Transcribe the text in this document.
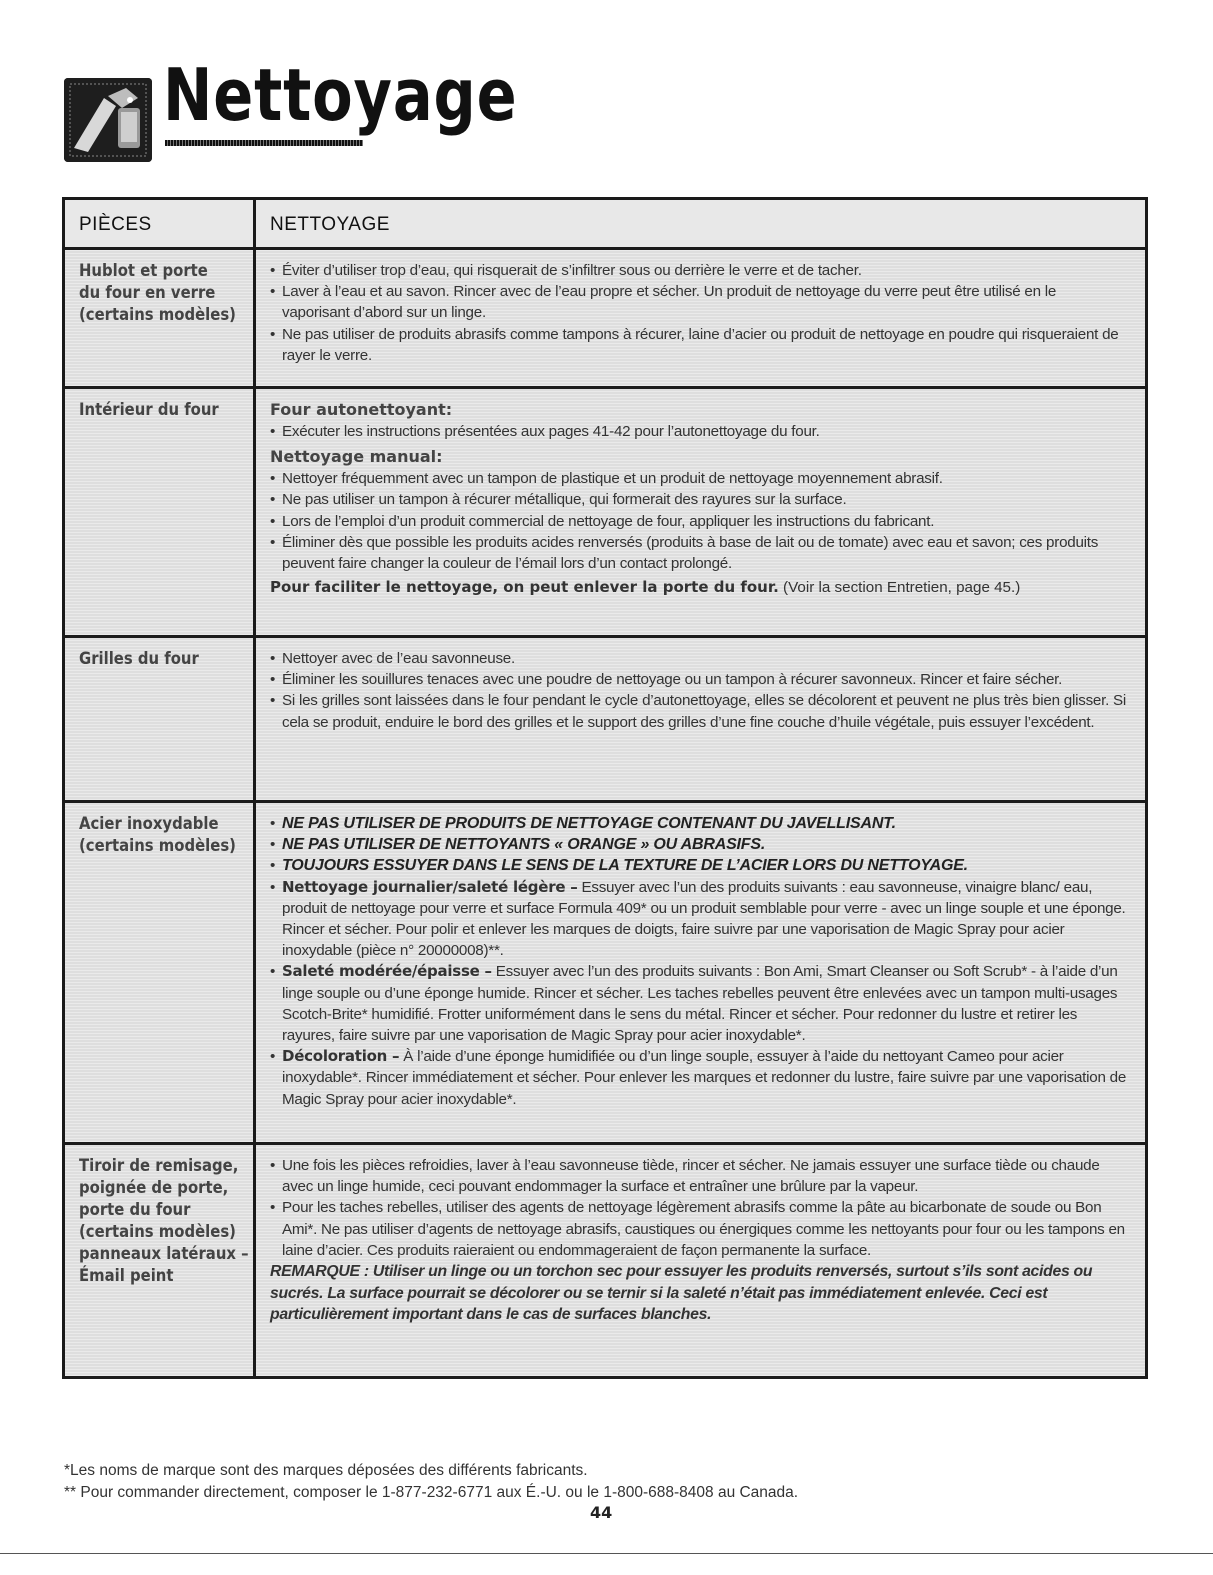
Nettoyage
PIÈCES	NETTOYAGE
Hublot et porte
du four en verre
(certains modèles)
• Éviter d’utiliser trop d’eau, qui risquerait de s’infiltrer sous ou derrière le verre et de tacher.
• Laver à l’eau et au savon. Rincer avec de l’eau propre et sécher. Un produit de nettoyage du verre peut être utilisé en le vaporisant d’abord sur un linge.
• Ne pas utiliser de produits abrasifs comme tampons à récurer, laine d’acier ou produit de nettoyage en poudre qui risqueraient de rayer le verre.
Intérieur du four	Four autonettoyant:

• Exécuter les instructions présentées aux pages 41-42 pour l’autonettoyage du four.

Nettoyage manual:

• Nettoyer fréquemment avec un tampon de plastique et un produit de nettoyage moyennement abrasif.
• Ne pas utiliser un tampon à récurer métallique, qui formerait des rayures sur la surface.
• Lors de l’emploi d’un produit commercial de nettoyage de four, appliquer les instructions du fabricant.
• Éliminer dès que possible les produits acides renversés (produits à base de lait ou de tomate) avec eau et savon; ces produits peuvent faire changer la couleur de l’émail lors d’un contact prolongé.

Pour faciliter le nettoyage, on peut enlever la porte du four. (Voir la section Entretien, page 45.)

Grilles du four
•	Nettoyer avec de l’eau savonneuse.
• Éliminer les souillures tenaces avec une poudre de nettoyage ou un tampon à récurer savonneux. Rincer et faire sécher.
• Si les grilles sont laissées dans le four pendant le cycle d’autonettoyage, elles se décolorent et peuvent ne plus très bien glisser. Si cela se produit, enduire le bord des grilles et le support des grilles d’une fine couche d’huile végétale, puis essuyer l’excédent.
Acier inoxydable
(certains modèles)
• NE PAS UTILISER DE PRODUITS DE NETTOYAGE CONTENANT DU JAVELLISANT.
• NE PAS UTILISER DE NETTOYANTS « ORANGE » OU ABRASIFS.
• TOUJOURS ESSUYER DANS LE SENS DE LA TEXTURE DE L’ACIER LORS DU NETTOYAGE.
• Nettoyage journalier/saleté légère – Essuyer avec l’un des produits suivants : eau savonneuse, vinaigre blanc/ eau, produit de nettoyage pour verre et surface Formula 409* ou un produit semblable pour verre - avec un linge souple et une éponge. Rincer et sécher. Pour polir et enlever les marques de doigts, faire suivre par une vaporisation de Magic Spray pour acier inoxydable (pièce n° 20000008)**.
• Saleté modérée/épaisse – Essuyer avec l’un des produits suivants : Bon Ami, Smart Cleanser ou Soft Scrub* - à l’aide d’un linge souple ou d’une éponge humide. Rincer et sécher. Les taches rebelles peuvent être enlevées avec un tampon multi-usages Scotch-Brite* humidifié. Frotter uniformément dans le sens du métal. Rincer et sécher. Pour redonner du lustre et retirer les rayures, faire suivre par une vaporisation de Magic Spray pour acier inoxydable*.
• Décoloration – À l’aide d’une éponge humidifiée ou d’un linge souple, essuyer à l’aide du nettoyant Cameo pour acier inoxydable*. Rincer immédiatement et sécher. Pour enlever les marques et redonner du lustre, faire suivre par une vaporisation de Magic Spray pour acier inoxydable*.
Tiroir de remisage,
poignée de porte,
porte du four
(certains modèles)
panneaux latéraux –
Émail peint
• Une fois les pièces refroidies, laver à l’eau savonneuse tiède, rincer et sécher. Ne jamais essuyer une surface tiède ou chaude avec un linge humide, ceci pouvant endommager la surface et entraîner une brûlure par la vapeur.
• Pour les taches rebelles, utiliser des agents de nettoyage légèrement abrasifs comme la pâte au bicarbonate de soude ou Bon Ami*. Ne pas utiliser d’agents de nettoyage abrasifs, caustiques ou énergiques comme les nettoyants pour four ou les tampons en laine d’acier. Ces produits raieraient ou endommageraient de façon permanente la surface.

REMARQUE : Utiliser un linge ou un torchon sec pour essuyer les produits renversés, surtout s’ils sont acides ou sucrés. La surface pourrait se décolorer ou se ternir si la saleté n’était pas immédiatement enlevée. Ceci est particulièrement important dans le cas de surfaces blanches.

*Les noms de marque sont des marques déposées des différents fabricants.
** Pour commander directement, composer le 1-877-232-6771 aux É.-U. ou le 1-800-688-8408 au Canada.
44
